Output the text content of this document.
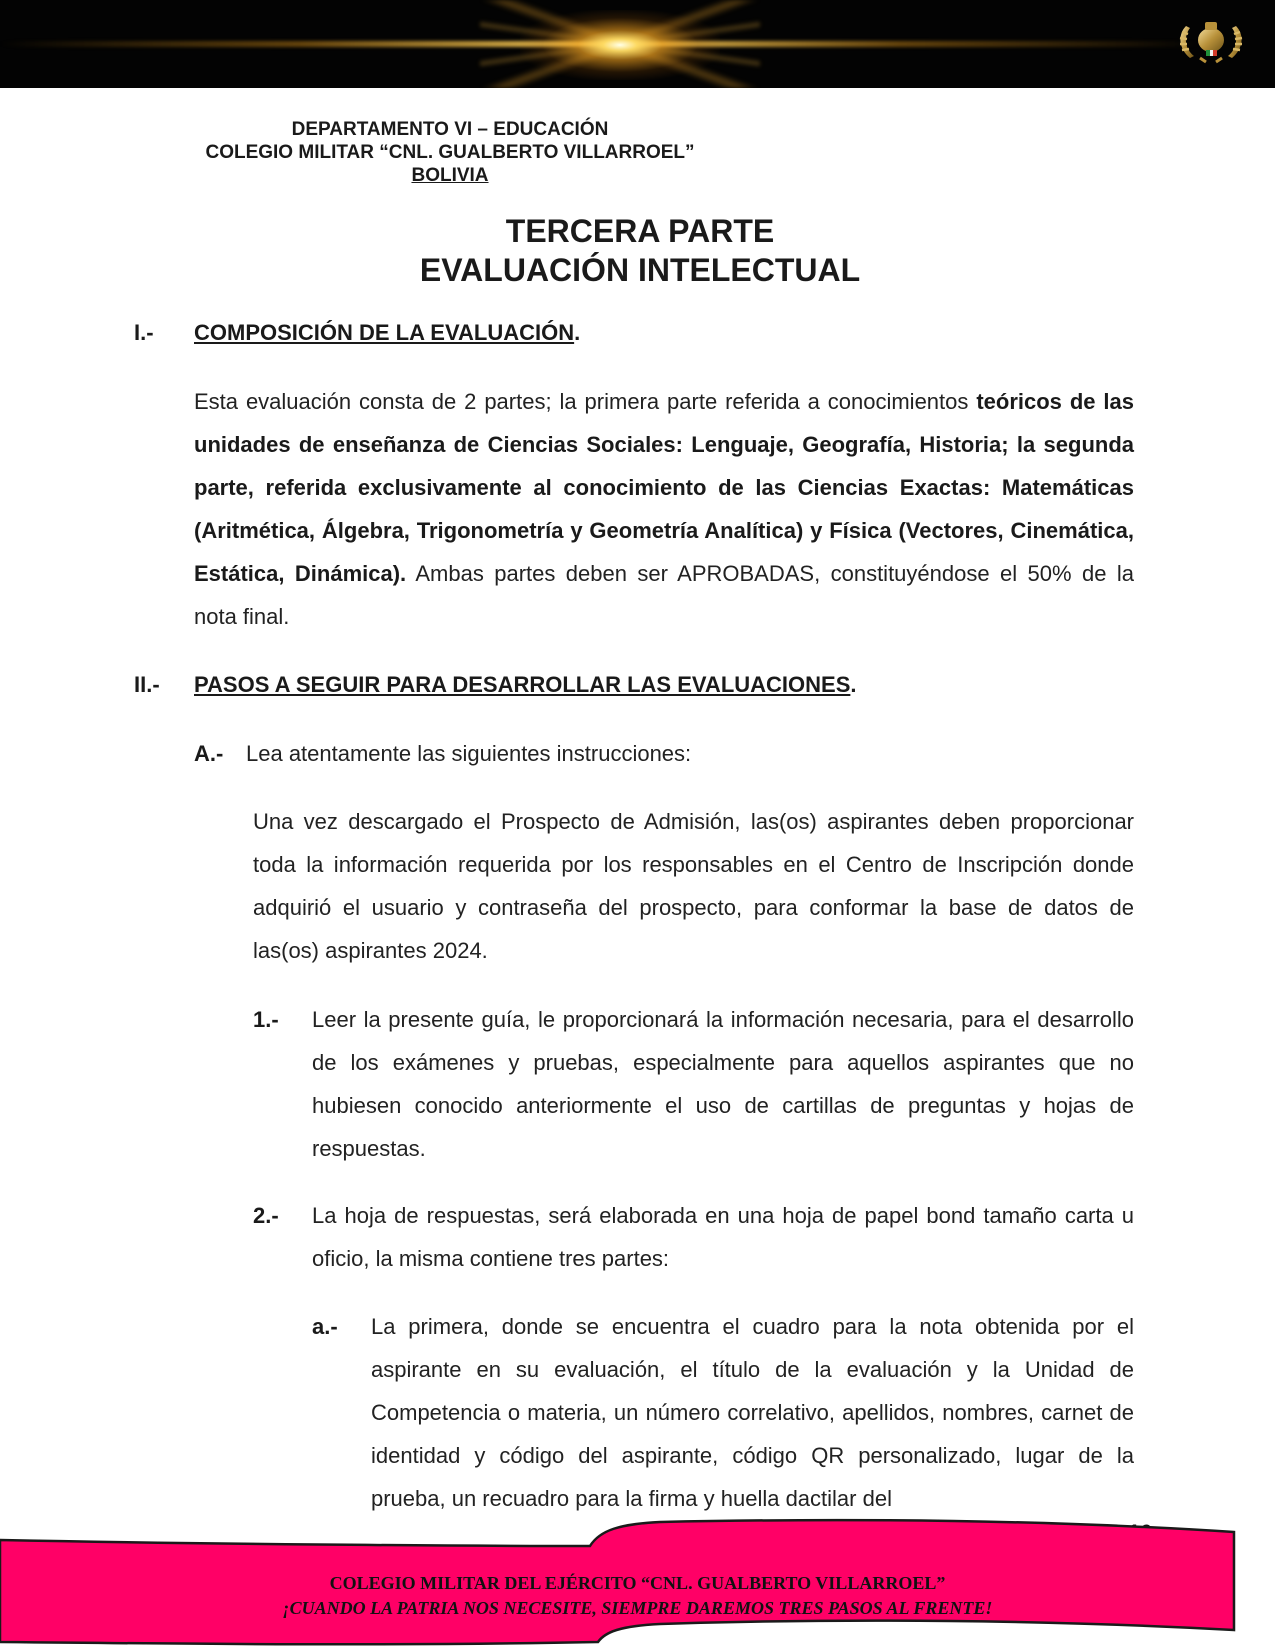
DEPARTAMENTO VI – EDUCACIÓN
COLEGIO MILITAR “CNL. GUALBERTO VILLARROEL”
BOLIVIA
TERCERA PARTE
EVALUACIÓN INTELECTUAL
I.- COMPOSICIÓN DE LA EVALUACIÓN.
Esta evaluación consta de 2 partes; la primera parte referida a conocimientos teóricos de las unidades de enseñanza de Ciencias Sociales: Lenguaje, Geografía, Historia; la segunda parte, referida exclusivamente al conocimiento de las Ciencias Exactas: Matemáticas (Aritmética, Álgebra, Trigonometría y Geometría Analítica) y Física (Vectores, Cinemática, Estática, Dinámica). Ambas partes deben ser APROBADAS, constituyéndose el 50% de la nota final.
II.- PASOS A SEGUIR PARA DESARROLLAR LAS EVALUACIONES.
A.- Lea atentamente las siguientes instrucciones:
Una vez descargado el Prospecto de Admisión, las(os) aspirantes deben proporcionar toda la información requerida por los responsables en el Centro de Inscripción donde adquirió el usuario y contraseña del prospecto, para conformar la base de datos de las(os) aspirantes 2024.
1.- Leer la presente guía, le proporcionará la información necesaria, para el desarrollo de los exámenes y pruebas, especialmente para aquellos aspirantes que no hubiesen conocido anteriormente el uso de cartillas de preguntas y hojas de respuestas.
2.- La hoja de respuestas, será elaborada en una hoja de papel bond tamaño carta u oficio, la misma contiene tres partes:
a.- La primera, donde se encuentra el cuadro para la nota obtenida por el aspirante en su evaluación, el título de la evaluación y la Unidad de Competencia o materia, un número correlativo, apellidos, nombres, carnet de identidad y código del aspirante, código QR personalizado, lugar de la prueba, un recuadro para la firma y huella dactilar del
COLEGIO MILITAR DEL EJÉRCITO “CNL. GUALBERTO VILLARROEL”
¡CUANDO LA PATRIA NOS NECESITE, SIEMPRE DAREMOS TRES PASOS AL FRENTE!
